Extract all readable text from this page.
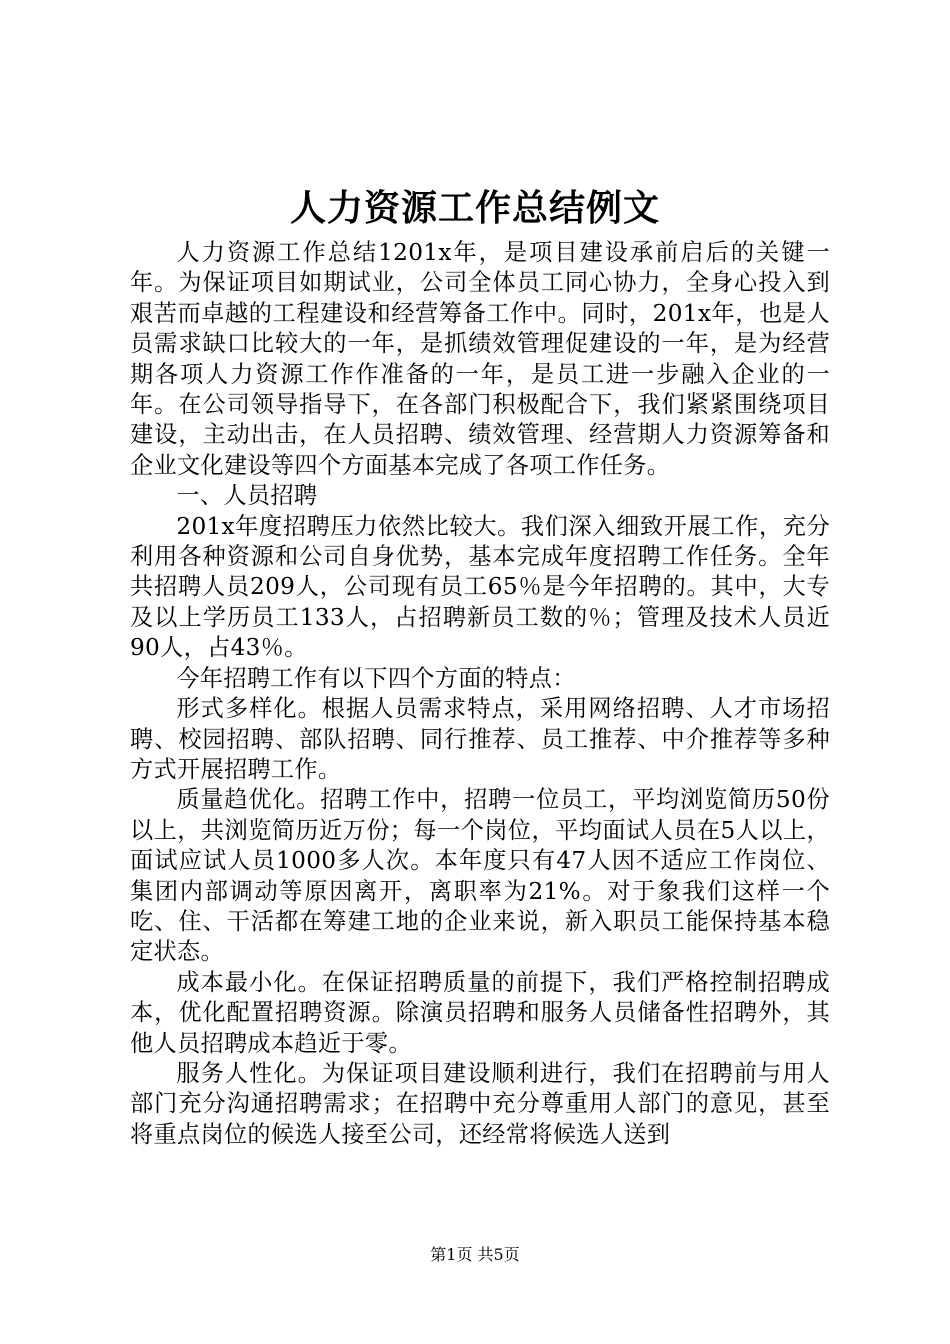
人力资源工作总结例文

人力资源工作总结1201x年，是项目建设承前启后的关键一年。为保证项目如期试业，公司全体员工同心协力，全身心投入到艰苦而卓越的工程建设和经营筹备工作中。同时，201x年，也是人员需求缺口比较大的一年，是抓绩效管理促建设的一年，是为经营期各项人力资源工作作准备的一年，是员工进一步融入企业的一年。在公司领导指导下，在各部门积极配合下，我们紧紧围绕项目建设，主动出击，在人员招聘、绩效管理、经营期人力资源筹备和企业文化建设等四个方面基本完成了各项工作任务。

一、人员招聘

201x年度招聘压力依然比较大。我们深入细致开展工作，充分利用各种资源和公司自身优势，基本完成年度招聘工作任务。全年共招聘人员209人，公司现有员工65％是今年招聘的。其中，大专及以上学历员工133人，占招聘新员工数的％；管理及技术人员近90人，占43％。

今年招聘工作有以下四个方面的特点：

形式多样化。根据人员需求特点，采用网络招聘、人才市场招聘、校园招聘、部队招聘、同行推荐、员工推荐、中介推荐等多种方式开展招聘工作。

质量趋优化。招聘工作中，招聘一位员工，平均浏览简历50份以上，共浏览简历近万份；每一个岗位，平均面试人员在5人以上，面试应试人员1000多人次。本年度只有47人因不适应工作岗位、集团内部调动等原因离开，离职率为21%。对于象我们这样一个吃、住、干活都在筹建工地的企业来说，新入职员工能保持基本稳定状态。

成本最小化。在保证招聘质量的前提下，我们严格控制招聘成本，优化配置招聘资源。除演员招聘和服务人员储备性招聘外，其他人员招聘成本趋近于零。

服务人性化。为保证项目建设顺利进行，我们在招聘前与用人部门充分沟通招聘需求；在招聘中充分尊重用人部门的意见，甚至将重点岗位的候选人接至公司，还经常将候选人送到

第1页 共5页
